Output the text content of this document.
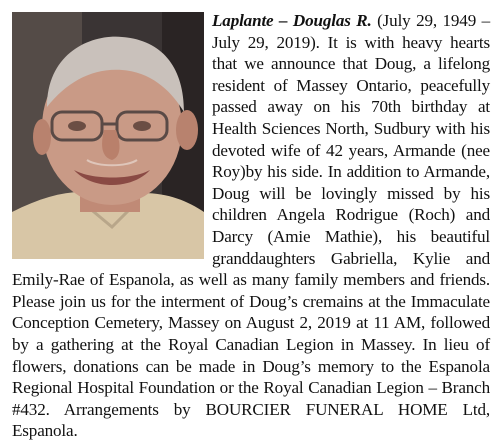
Laplante – Douglas R. (July 29, 1949 – July 29, 2019). It is with heavy hearts that we announce that Doug, a lifelong resident of Massey Ontario, peacefully passed away on his 70th birthday at Health Sciences North, Sudbury with his devoted wife of 42 years, Armande (nee Roy)by his side. In addition to Armande, Doug will be lovingly missed by his children Angela Rodrigue (Roch) and Darcy (Amie Mathie), his beautiful granddaughters Gabriella, Kylie and Emily-Rae of Espanola, as well as many family members and friends. Please join us for the interment of Doug’s cremains at the Immaculate Conception Cemetery, Massey on August 2, 2019 at 11 AM, followed by a gathering at the Royal Canadian Legion in Massey. In lieu of flowers, donations can be made in Doug’s memory to the Espanola Regional Hospital Foundation or the Royal Canadian Legion – Branch #432. Arrangements by BOURCIER FUNERAL HOME Ltd, Espanola.
